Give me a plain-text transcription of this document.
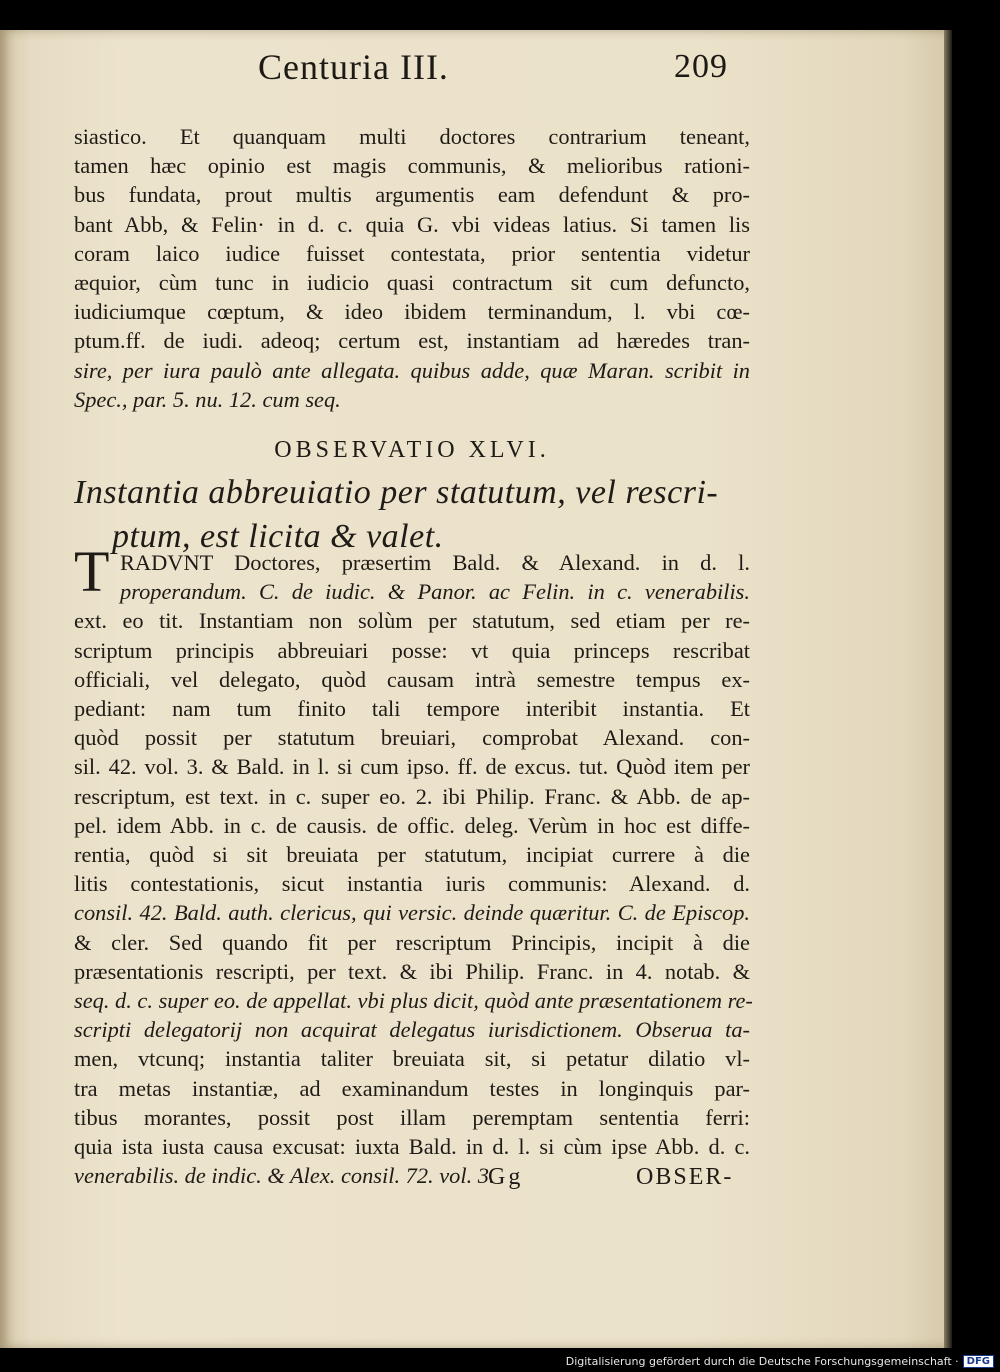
Centuria III.	209
siastico. Et quanquam multi doctores contrarium teneant,
tamen hæc opinio est magis communis, & melioribus rationi-
bus fundata, prout multis argumentis eam defendunt & pro-
bant Abb, & Felin· in d. c. quia G. vbi videas latius. Si tamen lis
coram laico iudice fuisset contestata, prior sententia videtur
æquior, cùm tunc in iudicio quasi contractum sit cum defuncto,
iudiciumque cœptum, & ideo ibidem terminandum, l. vbi cœ-
ptum.ff. de iudi. adeoq; certum est, instantiam ad hæredes tran-
sire, per iura paulò ante allegata. quibus adde, quæ Maran. scribit in
Spec., par. 5. nu. 12. cum seq.
OBSERVATIO XLVI.
Instantia abbreuiatio per statutum, vel rescri-
ptum, est licita & valet.
T RADVNT Doctores, præsertim Bald. & Alexand. in d. l.
properandum. C. de iudic. & Panor. ac Felin. in c. venerabilis.
ext. eo tit. Instantiam non solùm per statutum, sed etiam per re-
scriptum principis abbreuiari posse: vt quia princeps rescribat
officiali, vel delegato, quòd causam intrà semestre tempus ex-
pediant: nam tum finito tali tempore interibit instantia. Et
quòd possit per statutum breuiari, comprobat Alexand. con-
sil. 42. vol. 3. & Bald. in l. si cum ipso. ff. de excus. tut. Quòd item per
rescriptum, est text. in c. super eo. 2. ibi Philip. Franc. & Abb. de ap-
pel. idem Abb. in c. de causis. de offic. deleg. Verùm in hoc est diffe-
rentia, quòd si sit breuiata per statutum, incipiat currere à die
litis contestationis, sicut instantia iuris communis: Alexand. d.
consil. 42. Bald. auth. clericus, qui versic. deinde quæritur. C. de Episcop.
& cler. Sed quando fit per rescriptum Principis, incipit à die
præsentationis rescripti, per text. & ibi Philip. Franc. in 4. notab. &
seq. d. c. super eo. de appellat. vbi plus dicit, quòd ante præsentationem re-
scripti delegatorij non acquirat delegatus iurisdictionem. Obserua ta-
men, vtcunq; instantia taliter breuiata sit, si petatur dilatio vl-
tra metas instantiæ, ad examinandum testes in longinquis par-
tibus morantes, possit post illam peremptam sententia ferri:
quia ista iusta causa excusat: iuxta Bald. in d. l. si cùm ipse Abb. d. c.
venerabilis. de indic. & Alex. consil. 72. vol. 3.
Gg	OBSER-
Digitalisierung gefördert durch die Deutsche Forschungsgemeinschaft · DFG
